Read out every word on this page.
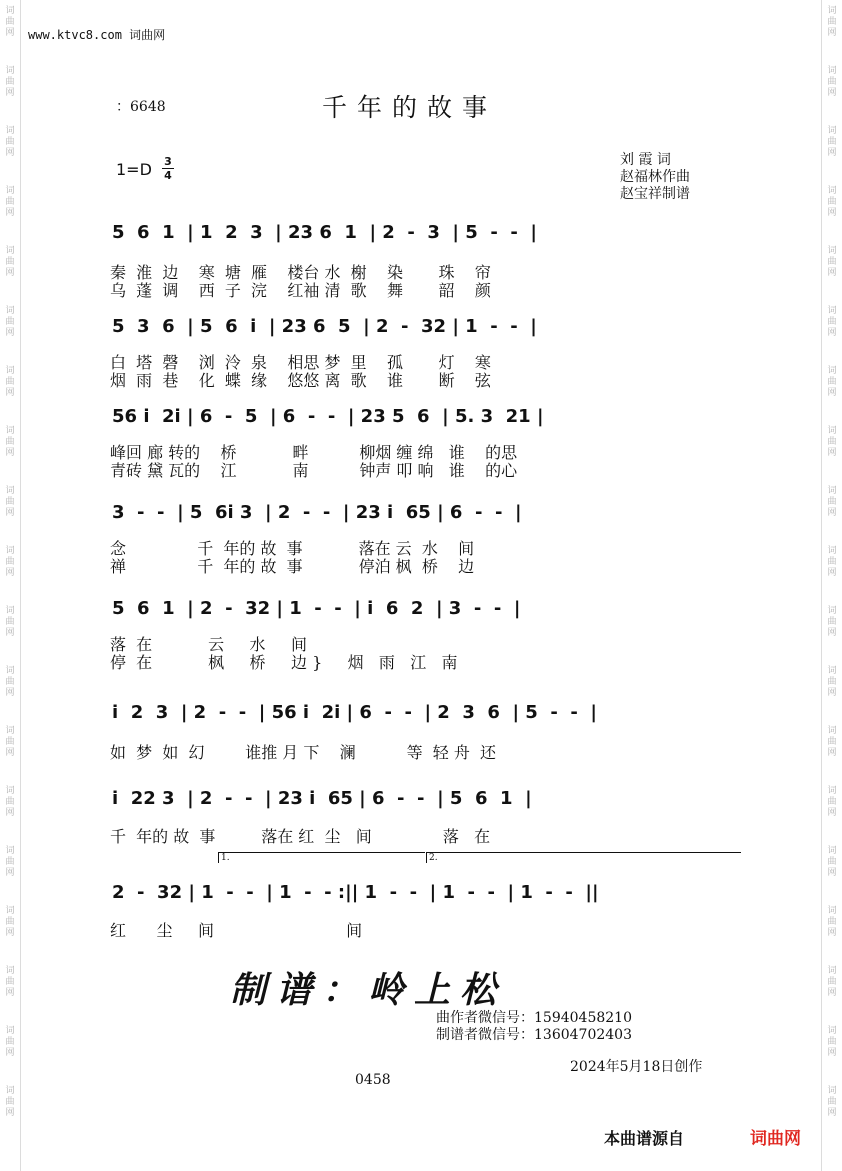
词曲网
词曲网
词曲网
词曲网
词曲网
词曲网
词曲网
词曲网
词曲网
词曲网
词曲网
词曲网
词曲网
词曲网
词曲网
词曲网
词曲网
词曲网
词曲网
词曲网
词曲网
词曲网
词曲网
词曲网
词曲网
词曲网
词曲网
词曲网
词曲网
词曲网
词曲网
词曲网
词曲网
词曲网
词曲网
词曲网
词曲网
词曲网
www.ktvc8.com 词曲网
：6648	千年的故事
1=D 3
4
刘 霞 词
赵福林作曲
赵宝祥制谱
5  6  1  | 1  2  3  | 23 6  1  | 2  -  3  | 5  -  -  |
秦  淮  边    寒  塘  雁    楼台 水  榭    染       珠    帘
乌  蓬  调    西  子  浣    红袖 清  歌    舞       韶    颜
5  3  6  | 5  6  i  | 23 6  5  | 2  -  32 | 1  -  -  |
白  塔  磬    浏  泠  泉    相思 梦  里    孤       灯    寒
烟  雨  巷    化  蝶  缘    悠悠 离  歌    谁       断    弦
56 i  2i | 6  -  5  | 6  -  -  | 23 5  6  | 5. 3  21 |
峰回 廊 转的    桥           畔          柳烟 缠 绵   谁    的思
青砖 黛 瓦的    江           南          钟声 叩 响   谁    的心
3  -  -  | 5  6i 3  | 2  -  -  | 23 i  65 | 6  -  -  |
念              千  年的 故  事           落在 云  水    间
禅              千  年的 故  事           停泊 枫  桥    边
5  6  1  | 2  -  32 | 1  -  -  | i  6  2  | 3  -  -  |
落  在           云     水     间
停  在           枫     桥     边 }     烟   雨   江   南
i  2  3  | 2  -  -  | 56 i  2i | 6  -  -  | 2  3  6  | 5  -  -  |
如  梦  如  幻        谁推 月 下    澜          等  轻 舟  还
i  22 3  | 2  -  -  | 23 i  65 | 6  -  -  | 5  6  1  |
千  年的 故  事         落在 红  尘   间              落   在
1.	2.
2  -  32 | 1  -  -  | 1  -  - :|| 1  -  -  | 1  -  -  | 1  -  -  ||
红      尘     间                          间
制谱：岭上松
曲作者微信号：15940458210
制谱者微信号：13604702403
2024年5月18日创作
0458
本曲谱源自	词曲网
